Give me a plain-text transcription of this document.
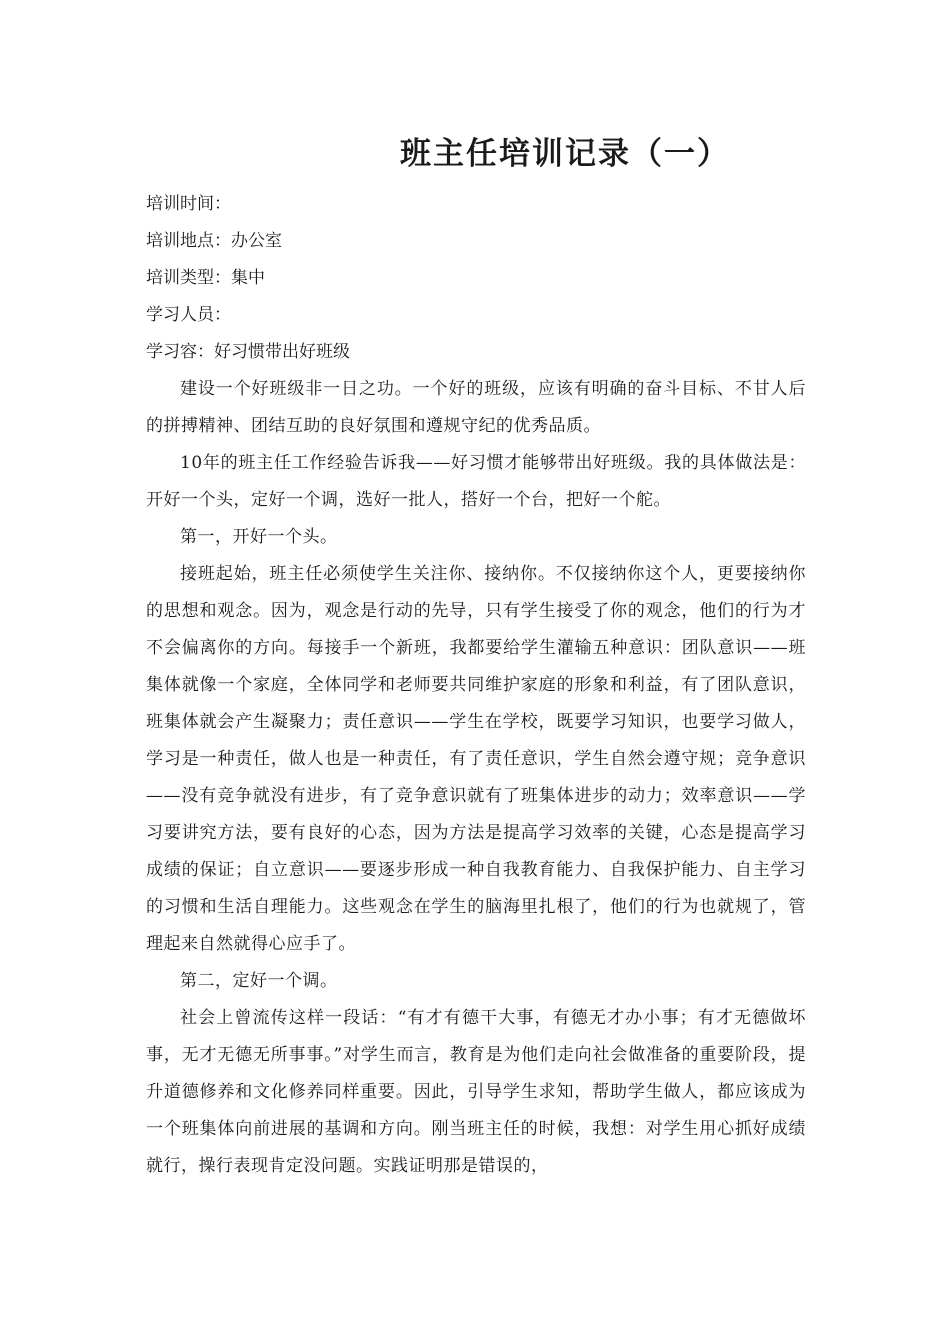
班主任培训记录（一）

培训时间：

培训地点：办公室

培训类型：集中

学习人员：

学习容：好习惯带出好班级

建设一个好班级非一日之功。一个好的班级，应该有明确的奋斗目标、不甘人后的拼搏精神、团结互助的良好氛围和遵规守纪的优秀品质。

10年的班主任工作经验告诉我——好习惯才能够带出好班级。我的具体做法是：开好一个头，定好一个调，选好一批人，搭好一个台，把好一个舵。

第一，开好一个头。

接班起始，班主任必须使学生关注你、接纳你。不仅接纳你这个人，更要接纳你的思想和观念。因为，观念是行动的先导，只有学生接受了你的观念，他们的行为才不会偏离你的方向。每接手一个新班，我都要给学生灌输五种意识：团队意识——班集体就像一个家庭，全体同学和老师要共同维护家庭的形象和利益，有了团队意识，班集体就会产生凝聚力；责任意识——学生在学校，既要学习知识，也要学习做人，学习是一种责任，做人也是一种责任，有了责任意识，学生自然会遵守规；竞争意识——没有竞争就没有进步，有了竞争意识就有了班集体进步的动力；效率意识——学习要讲究方法，要有良好的心态，因为方法是提高学习效率的关键，心态是提高学习成绩的保证；自立意识——要逐步形成一种自我教育能力、自我保护能力、自主学习的习惯和生活自理能力。这些观念在学生的脑海里扎根了，他们的行为也就规了，管理起来自然就得心应手了。

第二，定好一个调。

社会上曾流传这样一段话：“有才有德干大事，有德无才办小事；有才无德做坏事，无才无德无所事事。”对学生而言，教育是为他们走向社会做准备的重要阶段，提升道德修养和文化修养同样重要。因此，引导学生求知，帮助学生做人，都应该成为一个班集体向前进展的基调和方向。刚当班主任的时候，我想：对学生用心抓好成绩就行，操行表现肯定没问题。实践证明那是错误的，
